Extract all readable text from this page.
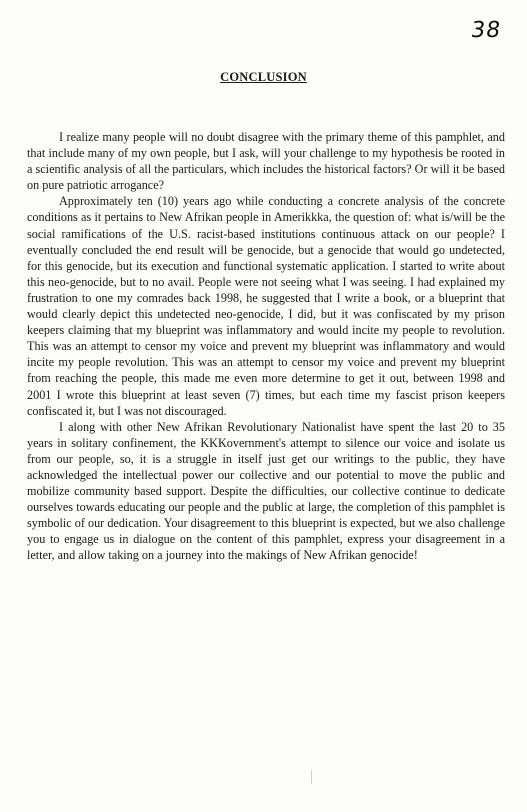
38
CONCLUSION

I realize many people will no doubt disagree with the primary theme of this pamphlet, and that include many of my own people, but I ask, will your challenge to my hypothesis be rooted in a scientific analysis of all the particulars, which includes the historical factors? Or will it be based on pure patriotic arrogance?

Approximately ten (10) years ago while conducting a concrete analysis of the concrete conditions as it pertains to New Afrikan people in Amerikkka, the question of: what is/will be the social ramifications of the U.S. racist-based institutions continuous attack on our people? I eventually concluded the end result will be genocide, but a genocide that would go undetected, for this genocide, but its execution and functional systematic application. I started to write about this neo-genocide, but to no avail. People were not seeing what I was seeing. I had explained my frustration to one my comrades back 1998, he suggested that I write a book, or a blueprint that would clearly depict this undetected neo-genocide, I did, but it was confiscated by my prison keepers claiming that my blueprint was inflammatory and would incite my people to revolution. This was an attempt to censor my voice and prevent my blueprint was inflammatory and would incite my people revolution. This was an attempt to censor my voice and prevent my blueprint from reaching the people, this made me even more determine to get it out, between 1998 and 2001 I wrote this blueprint at least seven (7) times, but each time my fascist prison keepers confiscated it, but I was not discouraged.

I along with other New Afrikan Revolutionary Nationalist have spent the last 20 to 35 years in solitary confinement, the KKKovernment's attempt to silence our voice and isolate us from our people, so, it is a struggle in itself just get our writings to the public, they have acknowledged the intellectual power our collective and our potential to move the public and mobilize community based support. Despite the difficulties, our collective continue to dedicate ourselves towards educating our people and the public at large, the completion of this pamphlet is symbolic of our dedication. Your disagreement to this blueprint is expected, but we also challenge you to engage us in dialogue on the content of this pamphlet, express your disagreement in a letter, and allow taking on a journey into the makings of New Afrikan genocide!
